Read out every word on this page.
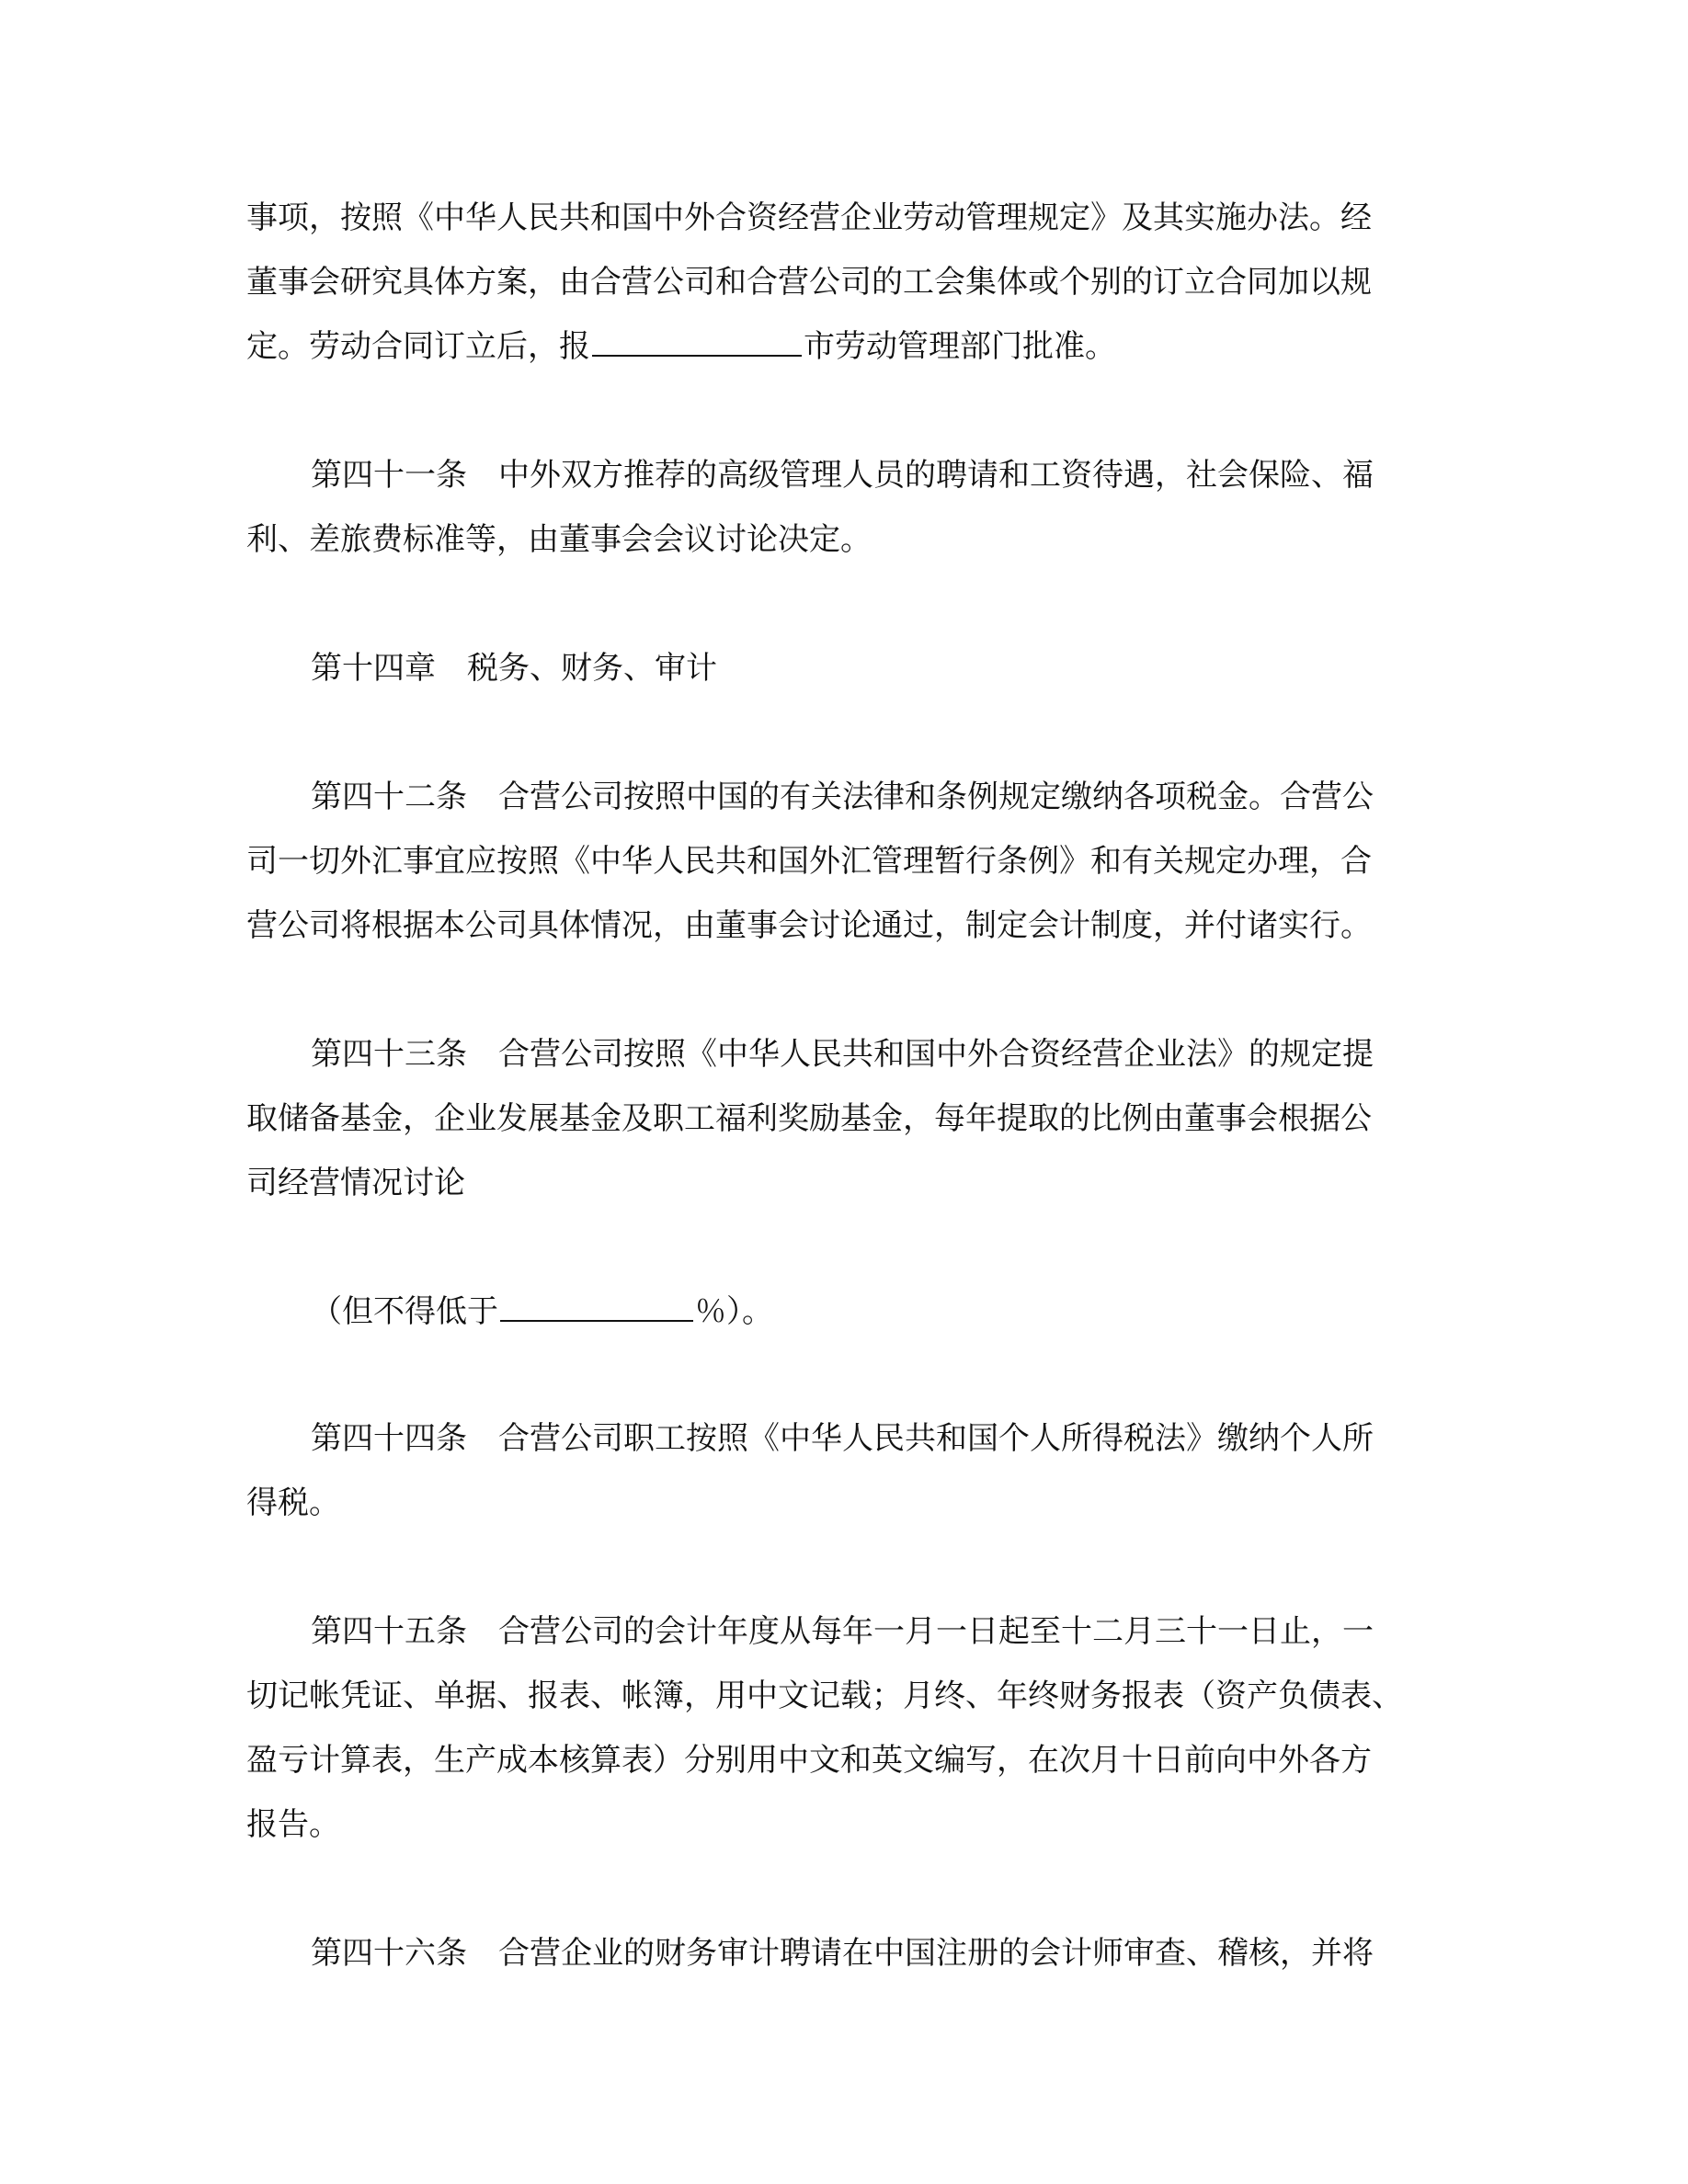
事项，按照《中华人民共和国中外合资经营企业劳动管理规定》及其实施办法。经

董事会研究具体方案，由合营公司和合营公司的工会集体或个别的订立合同加以规

定。劳动合同订立后，报	市劳动管理部门批准。

第四十一条 中外双方推荐的高级管理人员的聘请和工资待遇，社会保险、福

利、差旅费标准等，由董事会会议讨论决定。

第十四章 税务、财务、审计

第四十二条 合营公司按照中国的有关法律和条例规定缴纳各项税金。合营公

司一切外汇事宜应按照《中华人民共和国外汇管理暂行条例》和有关规定办理，合

营公司将根据本公司具体情况，由董事会讨论通过，制定会计制度，并付诸实行。

第四十三条 合营公司按照《中华人民共和国中外合资经营企业法》的规定提

取储备基金，企业发展基金及职工福利奖励基金，每年提取的比例由董事会根据公

司经营情况讨论

（但不得低于	％）。

第四十四条 合营公司职工按照《中华人民共和国个人所得税法》缴纳个人所

得税。

第四十五条 合营公司的会计年度从每年一月一日起至十二月三十一日止，一

切记帐凭证、单据、报表、帐簿，用中文记载；月终、年终财务报表（资产负债表、

盈亏计算表，生产成本核算表）分别用中文和英文编写，在次月十日前向中外各方

报告。

第四十六条 合营企业的财务审计聘请在中国注册的会计师审查、稽核，并将
